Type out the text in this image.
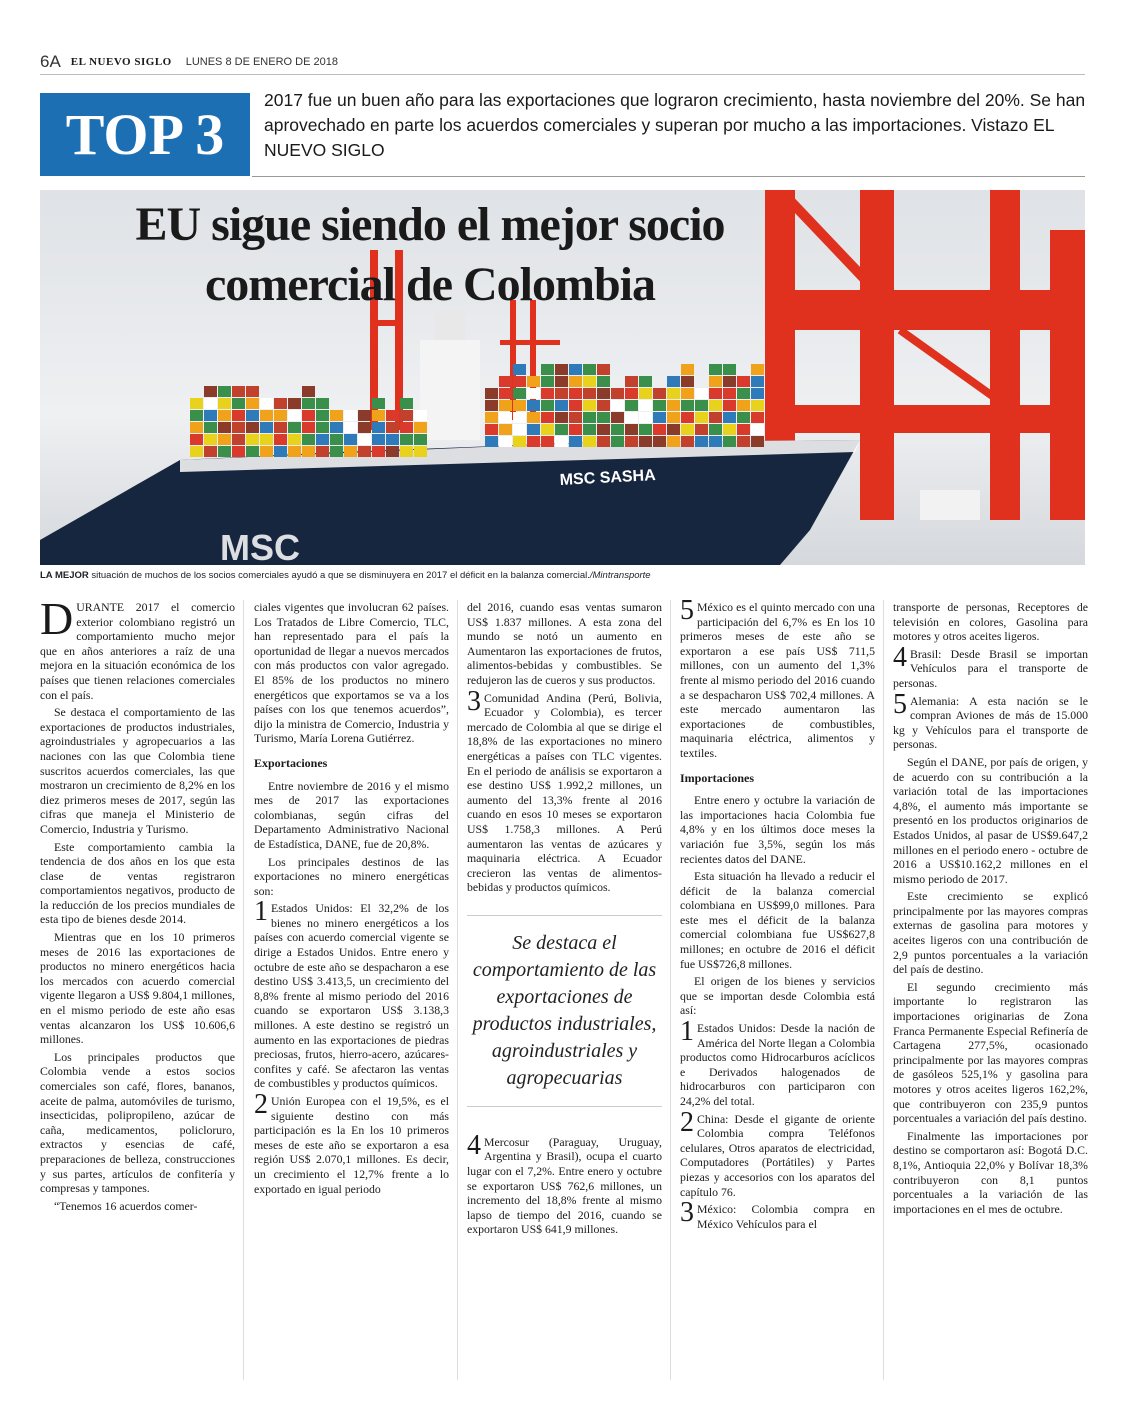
6A EL NUEVO SIGLO LUNES 8 DE ENERO DE 2018
TOP 3

2017 fue un buen año para las exportaciones que lograron crecimiento, hasta noviembre del 20%. Se han aprovechado en parte los acuerdos comerciales y superan por mucho a las importaciones. Vistazo EL NUEVO SIGLO

MSC SASHA
MSC
EU sigue siendo el mejor socio
comercial de Colombia
LA MEJOR situación de muchos de los socios comerciales ayudó a que se disminuyera en 2017 el déficit en la balanza comercial./Mintransporte

DURANTE 2017 el comercio exterior colombiano registró un comportamiento mucho mejor que en años anteriores a raíz de una mejora en la situación económica de los países que tienen relaciones comerciales con el país.

Se destaca el comportamiento de las exportaciones de productos industriales, agroindustriales y agropecuarios a las naciones con las que Colombia tiene suscritos acuerdos comerciales, las que mostraron un crecimiento de 8,2% en los diez primeros meses de 2017, según las cifras que maneja el Ministerio de Comercio, Industria y Turismo.

Este comportamiento cambia la tendencia de dos años en los que esta clase de ventas registraron comportamientos negativos, producto de la reducción de los precios mundiales de esta tipo de bienes desde 2014.

Mientras que en los 10 primeros meses de 2016 las exportaciones de productos no minero energéticos hacia los mercados con acuerdo comercial vigente llegaron a US$ 9.804,1 millones, en el mismo periodo de este año esas ventas alcanzaron los US$ 10.606,6 millones.

Los principales productos que Colombia vende a estos socios comerciales son café, flores, bananos, aceite de palma, automóviles de turismo, insecticidas, polipropileno, azúcar de caña, medicamentos, policloruro, extractos y esencias de café, preparaciones de belleza, construcciones y sus partes, artículos de confitería y compresas y tampones.

“Tenemos 16 acuerdos comer-

ciales vigentes que involucran 62 países. Los Tratados de Libre Comercio, TLC, han representado para el país la oportunidad de llegar a nuevos mercados con más productos con valor agregado. El 85% de los productos no minero energéticos que exportamos se va a los países con los que tenemos acuerdos”, dijo la ministra de Comercio, Industria y Turismo, María Lorena Gutiérrez.

Exportaciones

Entre noviembre de 2016 y el mismo mes de 2017 las exportaciones colombianas, según cifras del Departamento Administrativo Nacional de Estadística, DANE, fue de 20,8%.

Los principales destinos de las exportaciones no minero energéticas son:

1 Estados Unidos: El 32,2% de los bienes no minero energéticos a los países con acuerdo comercial vigente se dirige a Estados Unidos. Entre enero y octubre de este año se despacharon a ese destino US$ 3.413,5, un crecimiento del 8,8% frente al mismo periodo del 2016 cuando se exportaron US$ 3.138,3 millones. A este destino se registró un aumento en las exportaciones de piedras preciosas, frutos, hierro-acero, azúcares-confites y café. Se afectaron las ventas de combustibles y productos químicos.

2 Unión Europea con el 19,5%, es el siguiente destino con más participación es la En los 10 primeros meses de este año se exportaron a esa región US$ 2.070,1 millones. Es decir, un crecimiento el 12,7% frente a lo exportado en igual periodo

del 2016, cuando esas ventas sumaron US$ 1.837 millones. A esta zona del mundo se notó un aumento en Aumentaron las exportaciones de frutos, alimentos-bebidas y combustibles. Se redujeron las de cueros y sus productos.

3 Comunidad Andina (Perú, Bolivia, Ecuador y Colombia), es tercer mercado de Colombia al que se dirige el 18,8% de las exportaciones no minero energéticas a países con TLC vigentes. En el periodo de análisis se exportaron a ese destino US$ 1.992,2 millones, un aumento del 13,3% frente al 2016 cuando en esos 10 meses se exportaron US$ 1.758,3 millones. A Perú aumentaron las ventas de azúcares y maquinaria eléctrica. A Ecuador crecieron las ventas de alimentos-bebidas y productos químicos.

Se destaca el comportamiento de las exportaciones de productos industriales, agroindustriales y agropecuarias

4 Mercosur (Paraguay, Uruguay, Argentina y Brasil), ocupa el cuarto lugar con el 7,2%. Entre enero y octubre se exportaron US$ 762,6 millones, un incremento del 18,8% frente al mismo lapso de tiempo del 2016, cuando se exportaron US$ 641,9 millones.

5 México es el quinto mercado con una participación del 6,7% es En los 10 primeros meses de este año se exportaron a ese país US$ 711,5 millones, con un aumento del 1,3% frente al mismo periodo del 2016 cuando a se despacharon US$ 702,4 millones. A este mercado aumentaron las exportaciones de combustibles, maquinaria eléctrica, alimentos y textiles.

Importaciones

Entre enero y octubre la variación de las importaciones hacia Colombia fue 4,8% y en los últimos doce meses la variación fue 3,5%, según los más recientes datos del DANE.

Esta situación ha llevado a reducir el déficit de la balanza comercial colombiana en US$99,0 millones. Para este mes el déficit de la balanza comercial colombiana fue US$627,8 millones; en octubre de 2016 el déficit fue US$726,8 millones.

El origen de los bienes y servicios que se importan desde Colombia está así:

1 Estados Unidos: Desde la nación de América del Norte llegan a Colombia productos como Hidrocarburos acíclicos e Derivados halogenados de hidrocarburos con participaron con 24,2% del total.

2 China: Desde el gigante de oriente Colombia compra Teléfonos celulares, Otros aparatos de electricidad, Computadores (Portátiles) y Partes piezas y accesorios con los aparatos del capítulo 76.

3 México: Colombia compra en México Vehículos para el

transporte de personas, Receptores de televisión en colores, Gasolina para motores y otros aceites ligeros.

4 Brasil: Desde Brasil se importan Vehículos para el transporte de personas.

5 Alemania: A esta nación se le compran Aviones de más de 15.000 kg y Vehículos para el transporte de personas.

Según el DANE, por país de origen, y de acuerdo con su contribución a la variación total de las importaciones 4,8%, el aumento más importante se presentó en los productos originarios de Estados Unidos, al pasar de US$9.647,2 millones en el periodo enero - octubre de 2016 a US$10.162,2 millones en el mismo periodo de 2017.

Este crecimiento se explicó principalmente por las mayores compras externas de gasolina para motores y aceites ligeros con una contribución de 2,9 puntos porcentuales a la variación del país de destino.

El segundo crecimiento más importante lo registraron las importaciones originarias de Zona Franca Permanente Especial Refinería de Cartagena 277,5%, ocasionado principalmente por las mayores compras de gasóleos 525,1% y gasolina para motores y otros aceites ligeros 162,2%, que contribuyeron con 235,9 puntos porcentuales a variación del país destino.

Finalmente las importaciones por destino se comportaron así: Bogotá D.C. 8,1%, Antioquia 22,0% y Bolívar 18,3% contribuyeron con 8,1 puntos porcentuales a la variación de las importaciones en el mes de octubre.
